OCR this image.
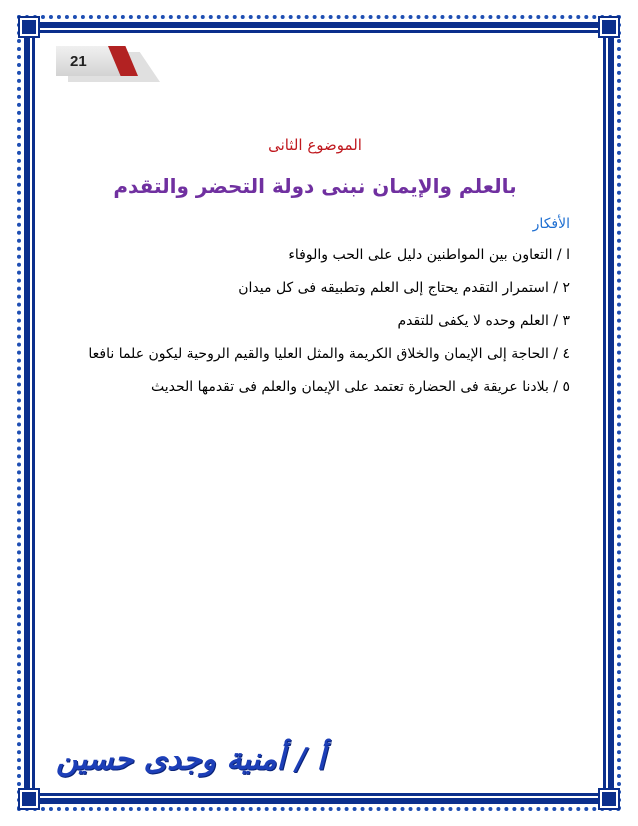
21

الموضوع الثانى

بالعلم والإيمان نبنى دولة التحضر والتقدم

الأفكار

ا / التعاون بين المواطنين دليل على الحب والوفاء
٢ / استمرار التقدم يحتاج إلى العلم وتطبيقه فى كل ميدان
٣ / العلم وحده لا يكفى للتقدم
٤ / الحاجة إلى الإيمان والخلاق الكريمة والمثل العليا والقيم الروحية ليكون علما نافعا
٥ / بلادنا عريقة فى الحضارة تعتمد على الإيمان والعلم فى تقدمها الحديث
أ / أمنية وجدى حسين
